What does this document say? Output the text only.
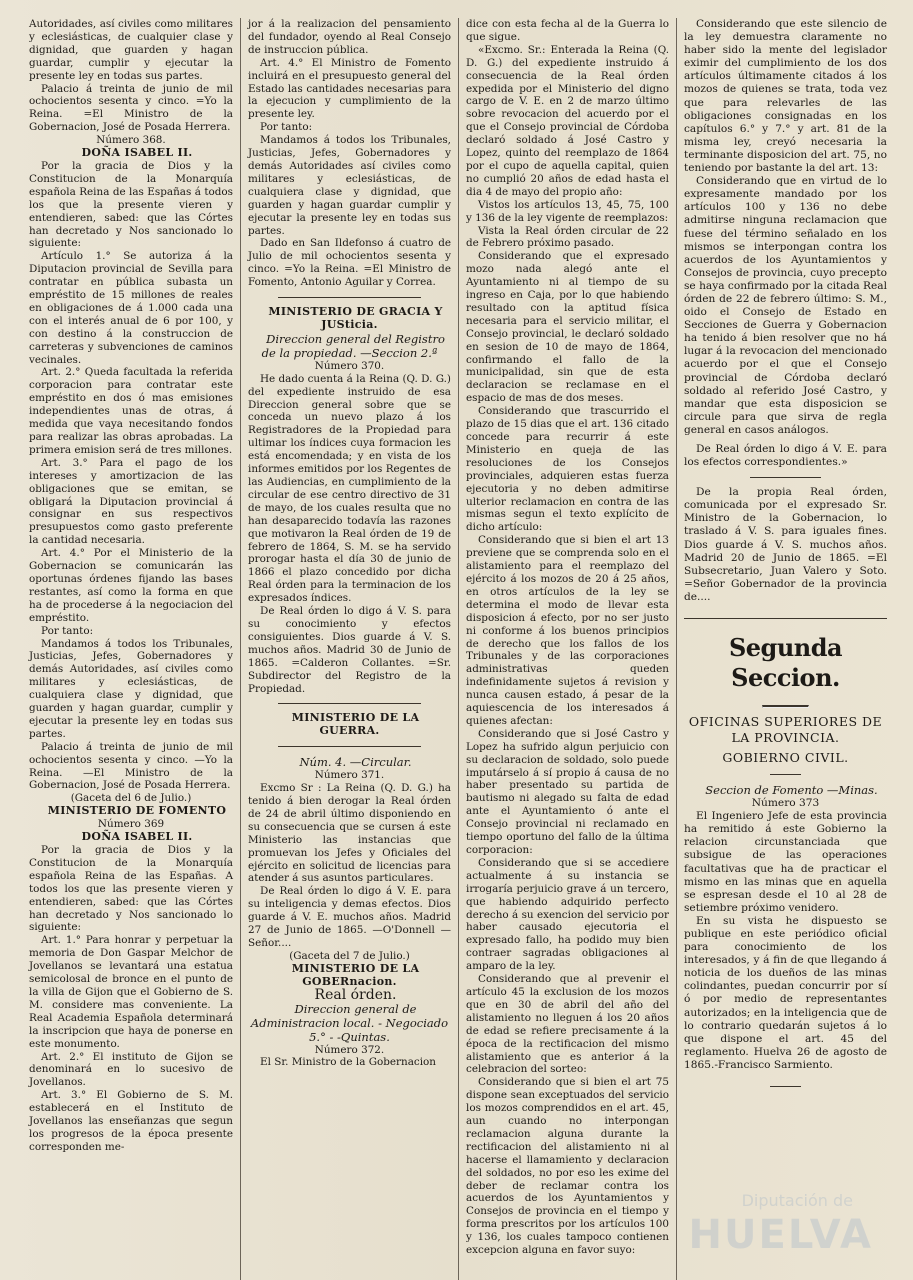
Autoridades, así civiles como militares y eclesiásticas, de cualquier clase y dignidad, que guarden y hagan guardar, cumplir y ejecutar la presente ley en todas sus partes.

Palacio á treinta de junio de mil ochocientos sesenta y cinco. =Yo la Reina. =El Ministro de la Gobernacion, José de Posada Herrera.

Número 368.

DOÑA ISABEL II.

Por la gracia de Dios y la Constitucion de la Monarquía española Reina de las Españas á todos los que la presente vieren y entendieren, sabed: que las Córtes han decretado y Nos sancionado lo siguiente:

Artículo 1.° Se autoriza á la Diputacion provincial de Sevilla para contratar en pública subasta un empréstito de 15 millones de reales en obligaciones de á 1.000 cada una con el interés anual de 6 por 100, y con destino á la construccion de carreteras y subvenciones de caminos vecinales.

Art. 2.° Queda facultada la referida corporacion para contratar este empréstito en dos ó mas emisiones independientes unas de otras, á medida que vaya necesitando fondos para realizar las obras aprobadas. La primera emision será de tres millones.

Art. 3.° Para el pago de los intereses y amortizacion de las obligaciones que se emitan, se obligará la Diputacion provincial á consignar en sus respectivos presupuestos como gasto preferente la cantidad necesaria.

Art. 4.° Por el Ministerio de la Gobernacion se comunicarán las oportunas órdenes fijando las bases restantes, así como la forma en que ha de procederse á la negociacion del empréstito.

Por tanto:

Mandamos á todos los Tribunales, Justicias, Jefes, Gobernadores y demás Autoridades, así civiles como militares y eclesiásticas, de cualquiera clase y dignidad, que guarden y hagan guardar, cumplir y ejecutar la presente ley en todas sus partes.

Palacio á treinta de junio de mil ochocientos sesenta y cinco. —Yo la Reina. —El Ministro de la Gobernacion, José de Posada Herrera.

(Gaceta del 6 de Julio.)

MINISTERIO DE FOMENTO

Número 369

DOÑA ISABEL II.

Por la gracia de Dios y la Constitucion de la Monarquía española Reina de las Españas. A todos los que las presente vieren y entendieren, sabed: que las Córtes han decretado y Nos sancionado lo siguiente:

Art. 1.° Para honrar y perpetuar la memoria de Don Gaspar Melchor de Jovellanos se levantará una estatua semicolosal de bronce en el punto de la villa de Gijon que el Gobierno de S. M. considere mas conveniente. La Real Academia Española determinará la inscripcion que haya de ponerse en este monumento.

Art. 2.° El instituto de Gijon se denominará en lo sucesivo de Jovellanos.

Art. 3.° El Gobierno de S. M. establecerá en el Instituto de Jovellanos las enseñanzas que segun los progresos de la época presente corresponden me-

jor á la realizacion del pensamiento del fundador, oyendo al Real Consejo de instruccion pública.

Art. 4.° El Ministro de Fomento incluirá en el presupuesto general del Estado las cantidades necesarias para la ejecucion y cumplimiento de la presente ley.

Por tanto:

Mandamos á todos los Tribunales, Justicias, Jefes, Gobernadores y demás Autoridades así civiles como militares y eclesiásticas, de cualquiera clase y dignidad, que guarden y hagan guardar cumplir y ejecutar la presente ley en todas sus partes.

Dado en San Ildefonso á cuatro de Julio de mil ochocientos sesenta y cinco. =Yo la Reina. =El Ministro de Fomento, Antonio Aguilar y Correa.

MINISTERIO DE GRACIA Y JUSticia.

Direccion general del Registro de la propiedad. —Seccion 2.ª

Número 370.

He dado cuenta á la Reina (Q. D. G.) del expediente instruido de esa Direccion general sobre que se conceda un nuevo plazo á los Registradores de la Propiedad para ultimar los índices cuya formacion les está encomendada; y en vista de los informes emitidos por los Regentes de las Audiencias, en cumplimiento de la circular de ese centro directivo de 31 de mayo, de los cuales resulta que no han desaparecido todavía las razones que motivaron la Real órden de 19 de febrero de 1864, S. M. se ha servido prorogar hasta el día 30 de junio de 1866 el plazo concedido por dicha Real órden para la terminacion de los expresados índices.

De Real órden lo digo á V. S. para su conocimiento y efectos consiguientes. Dios guarde á V. S. muchos años. Madrid 30 de Junio de 1865. =Calderon Collantes. =Sr. Subdirector del Registro de la Propiedad.

MINISTERIO DE LA GUERRA.

Núm. 4. —Circular.

Número 371.

Excmo Sr : La Reina (Q. D. G.) ha tenido á bien derogar la Real órden de 24 de abril último disponiendo en su consecuencia que se cursen á este Ministerio las instancias que promuevan los Jefes y Oficiales del ejército en solicitud de licencias para atender á sus asuntos particulares.

De Real órden lo digo á V. E. para su inteligencia y demas efectos. Dios guarde á V. E. muchos años. Madrid 27 de Junio de 1865. —O'Donnell — Señor....

(Gaceta del 7 de Julio.)

MINISTERIO DE LA GOBERnacion.

Real órden.

Direccion general de Administracion local. - Negociado 5.° - -Quintas.

Número 372.

El Sr. Ministro de la Gobernacion

dice con esta fecha al de la Guerra lo que sigue.

«Excmo. Sr.: Enterada la Reina (Q. D. G.) del expediente instruido á consecuencia de la Real órden expedida por el Ministerio del digno cargo de V. E. en 2 de marzo último sobre revocacion del acuerdo por el que el Consejo provincial de Córdoba declaró soldado á José Castro y Lopez, quinto del reemplazo de 1864 por el cupo de aquella capital, quien no cumplió 20 años de edad hasta el dia 4 de mayo del propio año:

Vistos los artículos 13, 45, 75, 100 y 136 de la ley vigente de reemplazos:

Vista la Real órden circular de 22 de Febrero próximo pasado.

Considerando que el expresado mozo nada alegó ante el Ayuntamiento ni al tiempo de su ingreso en Caja, por lo que habiendo resultado con la aptitud física necesaria para el servicio militar, el Consejo provincial, le declaró soldado en sesion de 10 de mayo de 1864, confirmando el fallo de la municipalidad, sin que de esta declaracion se reclamase en el espacio de mas de dos meses.

Considerando que trascurrido el plazo de 15 dias que el art. 136 citado concede para recurrir á este Ministerio en queja de las resoluciones de los Consejos provinciales, adquieren estas fuerza ejecutoria y no deben admitirse ulterior reclamacion en contra de las mismas segun el texto explícito de dicho artículo:

Considerando que si bien el art 13 previene que se comprenda solo en el alistamiento para el reemplazo del ejército á los mozos de 20 á 25 años, en otros artículos de la ley se determina el modo de llevar esta disposicion á efecto, por no ser justo ni conforme á los buenos principios de derecho que los fallos de los Tribunales y de las corporaciones administrativas queden indefinidamente sujetos á revision y nunca causen estado, á pesar de la aquiescencia de los interesados á quienes afectan:

Considerando que si José Castro y Lopez ha sufrido algun perjuicio con su declaracion de soldado, solo puede imputárselo á sí propio á causa de no haber presentado su partida de bautismo ni alegado su falta de edad ante el Ayuntamiento ó ante el Consejo provincial ni reclamado en tiempo oportuno del fallo de la última corporacion:

Considerando que si se accediere actualmente á su instancia se irrogaría perjuicio grave á un tercero, que habiendo adquirido perfecto derecho á su exencion del servicio por haber causado ejecutoria el expresado fallo, ha podido muy bien contraer sagradas obligaciones al amparo de la ley.

Considerando que al prevenir el artículo 45 la exclusion de los mozos que en 30 de abril del año del alistamiento no lleguen á los 20 años de edad se refiere precisamente á la época de la rectificacion del mismo alistamiento que es anterior á la celebracion del sorteo:

Considerando que si bien el art 75 dispone sean exceptuados del servicio los mozos comprendidos en el art. 45, aun cuando no interpongan reclamacion alguna durante la rectificacion del alistamiento ni al hacerse el llamamiento y declaracion del soldados, no por eso les exime del deber de reclamar contra los acuerdos de los Ayuntamientos y Consejos de provincia en el tiempo y forma prescritos por los artículos 100 y 136, los cuales tampoco contienen excepcion alguna en favor suyo:

Considerando que este silencio de la ley demuestra claramente no haber sido la mente del legislador eximir del cumplimiento de los dos artículos últimamente citados á los mozos de quienes se trata, toda vez que para relevarles de las obligaciones consignadas en los capítulos 6.° y 7.° y art. 81 de la misma ley, creyó necesaria la terminante disposicion del art. 75, no teniendo por bastante la del art. 13:

Considerando que en virtud de lo expresamente mandado por los artículos 100 y 136 no debe admitirse ninguna reclamacion que fuese del término señalado en los mismos se interpongan contra los acuerdos de los Ayuntamientos y Consejos de provincia, cuyo precepto se haya confirmado por la citada Real órden de 22 de febrero último: S. M., oido el Consejo de Estado en Secciones de Guerra y Gobernacion ha tenido á bien resolver que no há lugar á la revocacion del mencionado acuerdo por el que el Consejo provincial de Córdoba declaró soldado al referido José Castro, y mandar que esta disposicion se circule para que sirva de regla general en casos análogos.

De Real órden lo digo á V. E. para los efectos correspondientes.»

De la propia Real órden, comunicada por el expresado Sr. Ministro de la Gobernacion, lo traslado á V. S. para iguales fines. Dios guarde á V. S. muchos años. Madrid 20 de Junio de 1865. =El Subsecretario, Juan Valero y Soto. =Señor Gobernador de la provincia de....

Segunda Seccion.
OFICINAS SUPERIORES DE LA PROVINCIA.
GOBIERNO CIVIL.

Seccion de Fomento —Minas.

Número 373

El Ingeniero Jefe de esta provincia ha remitido á este Gobierno la relacion circunstanciada que subsigue de las operaciones facultativas que ha de practicar el mismo en las minas que en aquella se espresan desde el 10 al 28 de setiembre próximo venidero.

En su vista he dispuesto se publique en este periódico oficial para conocimiento de los interesados, y á fin de que llegando á noticia de los dueños de las minas colindantes, puedan concurrir por sí ó por medio de representantes autorizados; en la inteligencia que de lo contrario quedarán sujetos á lo que dispone el art. 45 del reglamento. Huelva 26 de agosto de 1865.-Francisco Sarmiento.

Diputación de
HUELVA
